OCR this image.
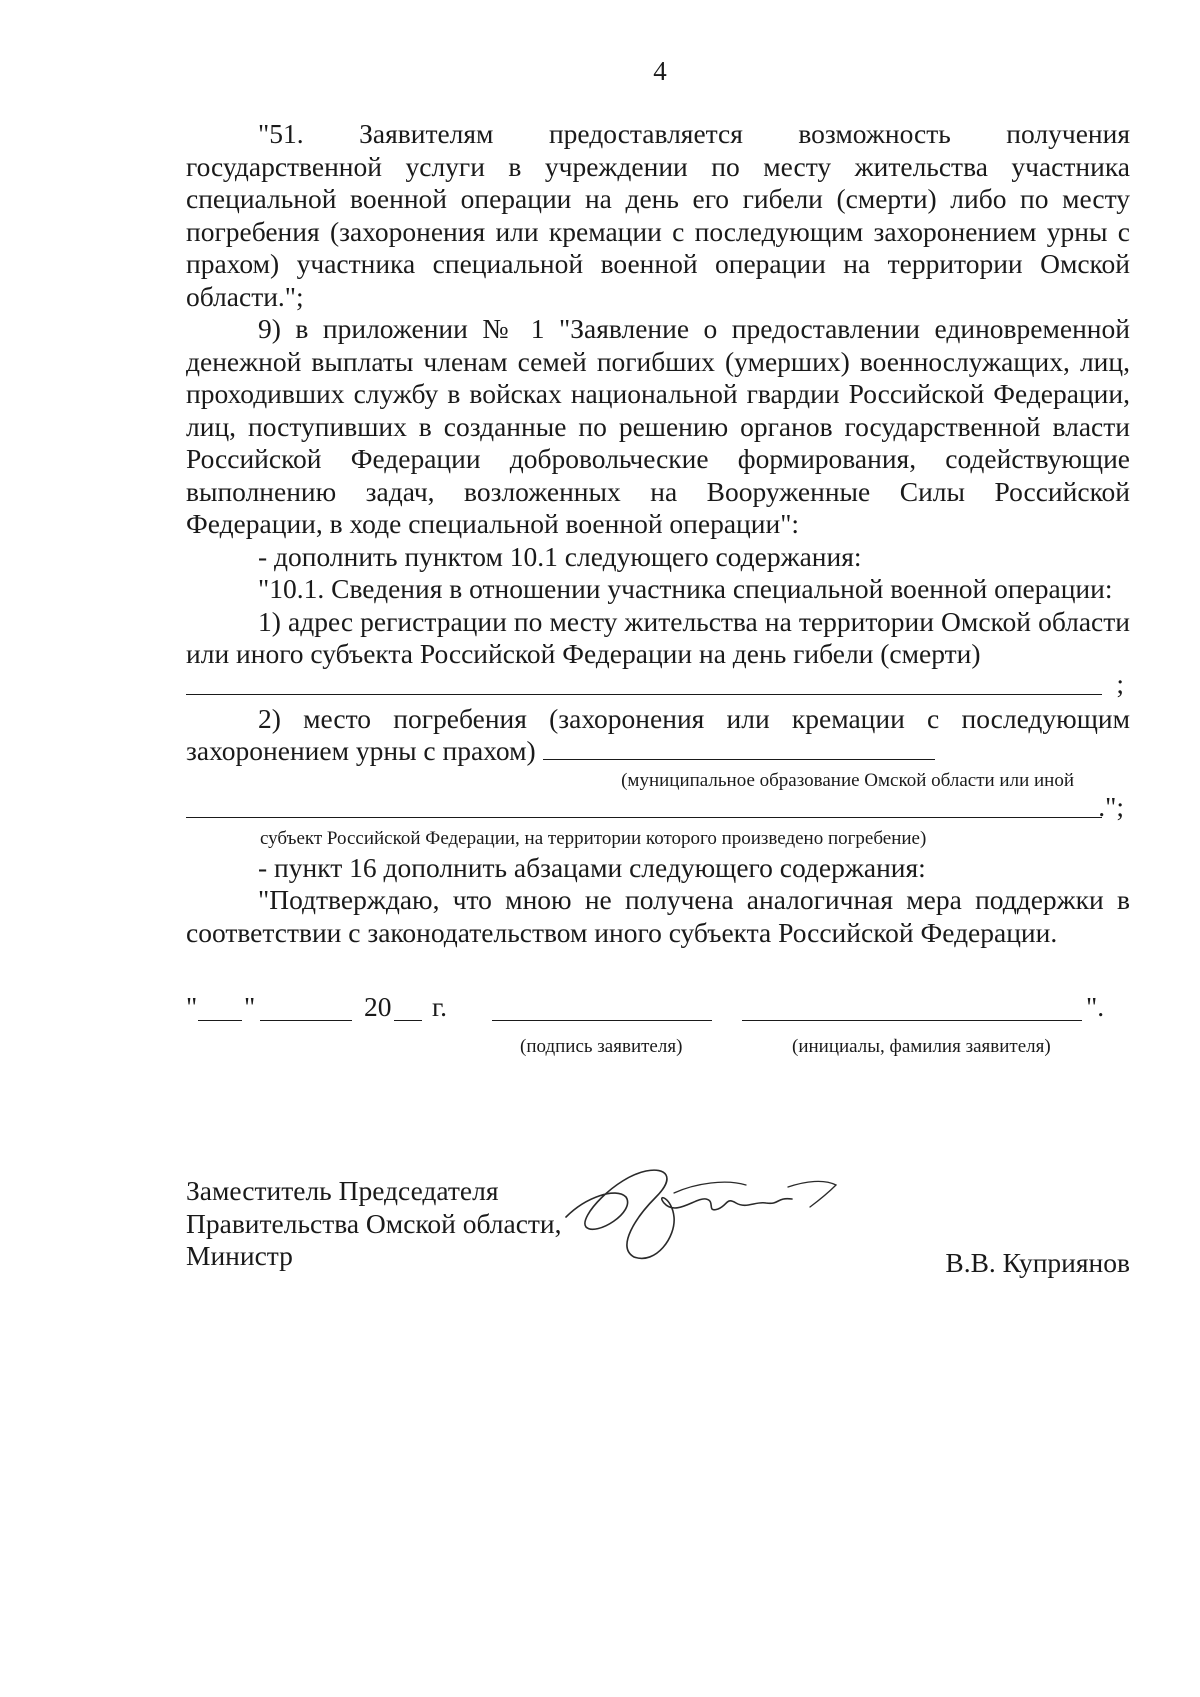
4

"51. Заявителям предоставляется возможность получения государственной услуги в учреждении по месту жительства участника специальной военной операции на день его гибели (смерти) либо по месту погребения (захоронения или кремации с последующим захоронением урны с прахом) участника специальной военной операции на территории Омской области.";

9) в приложении № 1 "Заявление о предоставлении единовременной денежной выплаты членам семей погибших (умерших) военнослужащих, лиц, проходивших службу в войсках национальной гвардии Российской Федерации, лиц, поступивших в созданные по решению органов государственной власти Российской Федерации добровольческие формирования, содействующие выполнению задач, возложенных на Вооруженные Силы Российской Федерации, в ходе специальной военной операции":

- дополнить пунктом 10.1 следующего содержания:

"10.1. Сведения в отношении участника специальной военной операции:

1) адрес регистрации по месту жительства на территории Омской области или иного субъекта Российской Федерации на день гибели (смерти)

;

2) место погребения (захоронения или кремации с последующим захоронением урны с прахом)

(муниципальное образование Омской области или иной
.";
субъект Российской Федерации, на территории которого произведено погребение)

- пункт 16 дополнить абзацами следующего содержания:

"Подтверждаю, что мною не получена аналогичная мера поддержки в соответствии с законодательством иного субъекта Российской Федерации.

" "	20 г.	".
(подпись заявителя)	(инициалы, фамилия заявителя)
Заместитель Председателя
Правительства Омской области,
Министр	В.В. Куприянов
